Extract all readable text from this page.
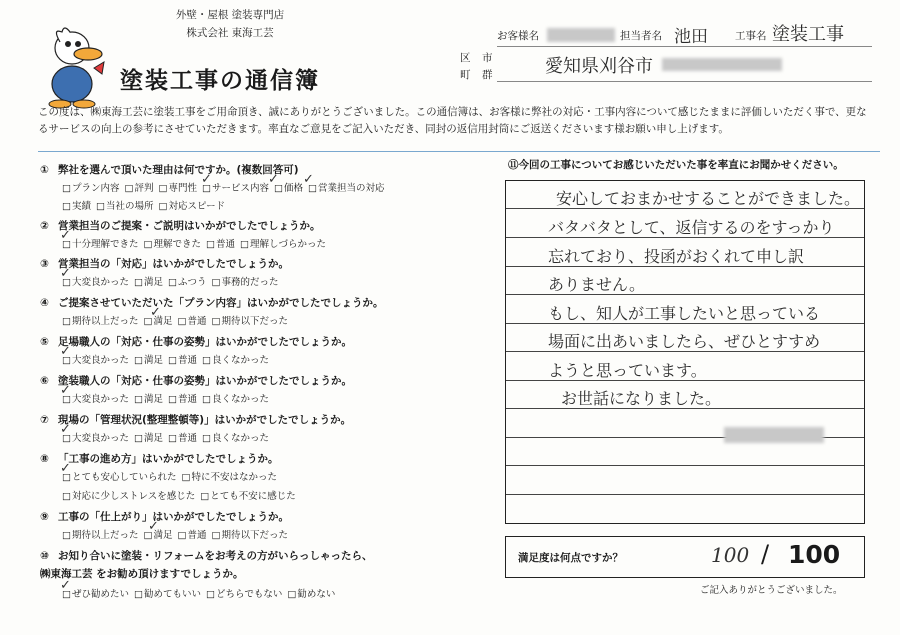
外壁・屋根 塗装専門店
株式会社 東海工芸
塗装工事の通信簿
お客様名	担当者名 池田	工事名 塗装工事
区 市
町 群	愛知県刈谷市
この度は、㈱東海工芸に塗装工事をご用命頂き、誠にありがとうございました。この通信簿は、お客様に弊社の対応・工事内容について感じたままに評価しいただく事で、更なるサービスの向上の参考にさせていただきます。率直なご意見をご記入いただき、同封の返信用封筒にご返送くださいます様お願い申し上げます。
① 弊社を選んで頂いた理由は何ですか。(複数回答可)
□ プラン内容 □ 評判 □ 専門性 □ サービス内容 □ 価格 □ 営業担当の対応
□ 実績 □ 当社の場所 □ 対応スピード
✓	✓ ✓
② 営業担当のご提案・ご説明はいかがでしたでしょうか。
□ 十分理解できた □ 理解できた □ 普通 □ 理解しづらかった
✓
③ 営業担当の「対応」はいかがでしたでしょうか。
□ 大変良かった □ 満足 □ ふつう □ 事務的だった
✓
④ ご提案させていただいた「プラン内容」はいかがでしたでしょうか。
□ 期待以上だった □ 満足 □ 普通 □ 期待以下だった
✓
⑤ 足場職人の「対応・仕事の姿勢」はいかがでしたでしょうか。
□ 大変良かった □ 満足 □ 普通 □ 良くなかった
✓
⑥ 塗装職人の「対応・仕事の姿勢」はいかがでしたでしょうか。
□ 大変良かった □ 満足 □ 普通 □ 良くなかった
✓
⑦ 現場の「管理状況(整理整頓等)」はいかがでしたでしょうか。
□ 大変良かった □ 満足 □ 普通 □ 良くなかった
✓
⑧ 「工事の進め方」はいかがでしたでしょうか。
□ とても安心していられた □ 特に不安はなかった
□ 対応に少しストレスを感じた □ とても不安に感じた
✓
⑨ 工事の「仕上がり」はいかがでしたでしょうか。
□ 期待以上だった □ 満足 □ 普通 □ 期待以下だった
✓
⑩ お知り合いに塗装・リフォームをお考えの方がいらっしゃったら、
㈱東海工芸 をお勧め頂けますでしょうか。
□ ぜひ勧めたい □ 勧めてもいい □ どちらでもない □ 勧めない
✓
⑪今回の工事についてお感じいただいた事を率直にお聞かせください。
安心しておまかせすることができました。
バタバタとして、返信するのをすっかり
忘れており、投函がおくれて申し訳
ありません。
もし、知人が工事したいと思っている
場面に出あいましたら、ぜひとすすめ
ようと思っています。
お世話になりました。
満足度は何点ですか？	100 / 100
ご記入ありがとうございました。
